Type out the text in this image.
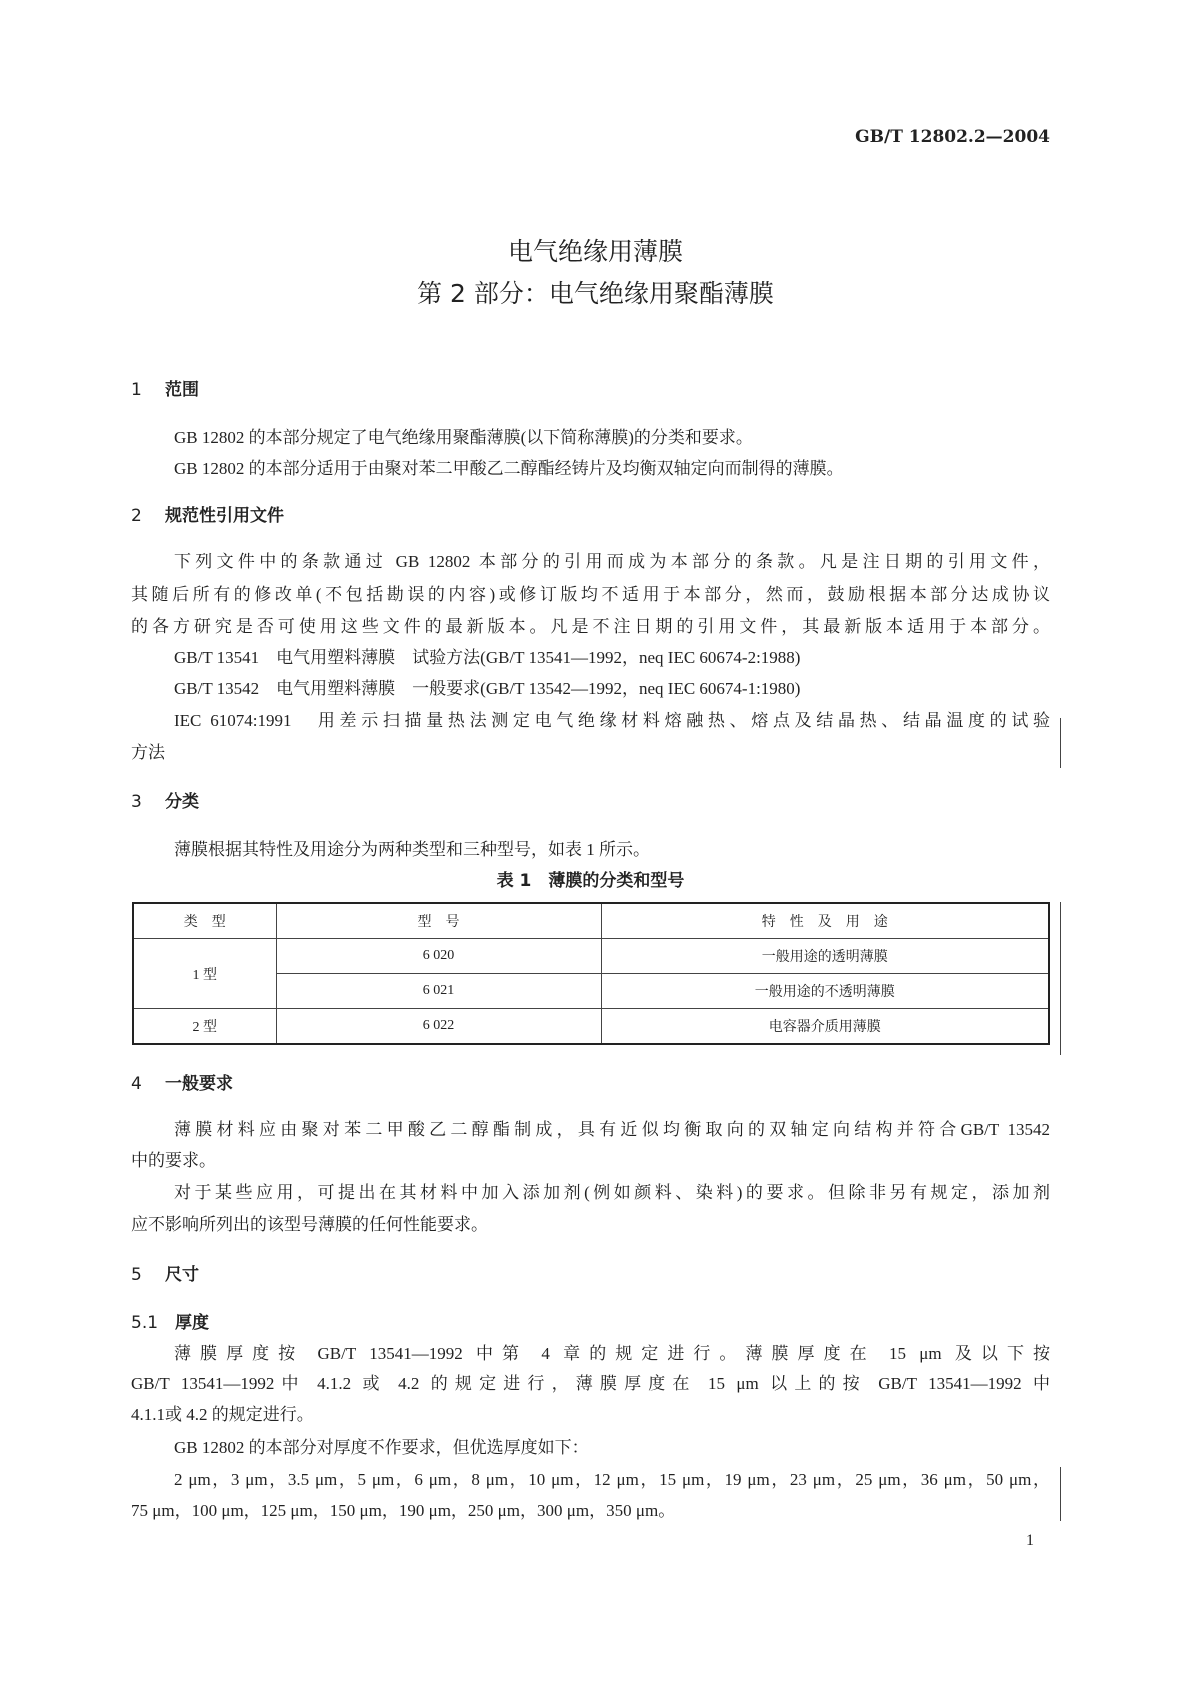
GB/T 12802.2—2004
电气绝缘用薄膜
第 2 部分：电气绝缘用聚酯薄膜
1 范围
GB 12802 的本部分规定了电气绝缘用聚酯薄膜(以下简称薄膜)的分类和要求。
GB 12802 的本部分适用于由聚对苯二甲酸乙二醇酯经铸片及均衡双轴定向而制得的薄膜。
2 规范性引用文件
下列文件中的条款通过 GB 12802 本部分的引用而成为本部分的条款。凡是注日期的引用文件，
其随后所有的修改单(不包括勘误的内容)或修订版均不适用于本部分，然而，鼓励根据本部分达成协议
的各方研究是否可使用这些文件的最新版本。凡是不注日期的引用文件，其最新版本适用于本部分。
GB/T 13541　电气用塑料薄膜　试验方法(GB/T 13541—1992，neq IEC 60674-2:1988)
GB/T 13542　电气用塑料薄膜　一般要求(GB/T 13542—1992，neq IEC 60674-1:1980)
IEC 61074:1991　用差示扫描量热法测定电气绝缘材料熔融热、熔点及结晶热、结晶温度的试验
方法
3 分类
薄膜根据其特性及用途分为两种类型和三种型号，如表 1 所示。
表 1　薄膜的分类和型号
类　型	型　号	特　性　及　用　途
1 型	6 020	一般用途的透明薄膜
	6 021	一般用途的不透明薄膜
2 型	6 022	电容器介质用薄膜
4 一般要求
薄膜材料应由聚对苯二甲酸乙二醇酯制成，具有近似均衡取向的双轴定向结构并符合GB/T 13542
中的要求。
对于某些应用，可提出在其材料中加入添加剂(例如颜料、染料)的要求。但除非另有规定，添加剂
应不影响所列出的该型号薄膜的任何性能要求。
5 尺寸
5.1 厚度
薄膜厚度按 GB/T 13541—1992 中第 4 章的规定进行。薄膜厚度在 15 μm 及以下按
GB/T 13541—1992中 4.1.2 或 4.2 的规定进行，薄膜厚度在 15 μm 以上的按 GB/T 13541—1992 中
4.1.1或 4.2 的规定进行。
GB 12802 的本部分对厚度不作要求，但优选厚度如下：
2 μm，3 μm，3.5 μm，5 μm，6 μm，8 μm，10 μm，12 μm，15 μm，19 μm，23 μm，25 μm，36 μm，50 μm，
75 μm，100 μm，125 μm，150 μm，190 μm，250 μm，300 μm，350 μm。
1
